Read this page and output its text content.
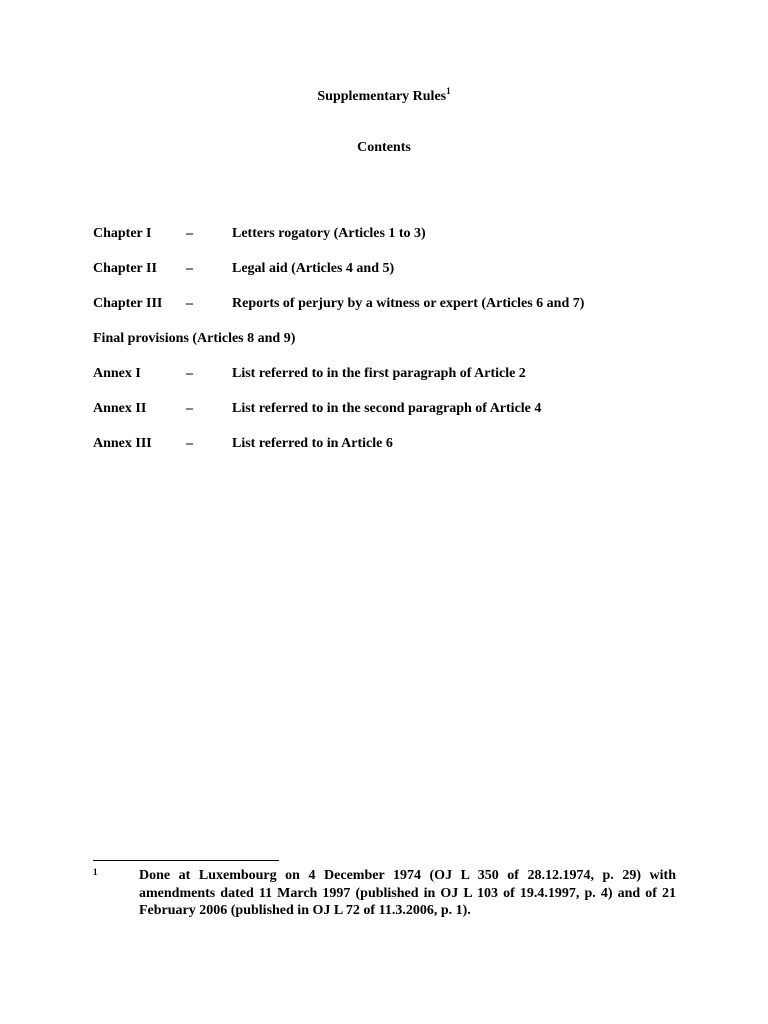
Supplementary Rules$^1$
Contents
Chapter I –	Letters rogatory (Articles 1 to 3)
Chapter II –	Legal aid (Articles 4 and 5)
Chapter III –	Reports of perjury by a witness or expert (Articles 6 and 7)
Final provisions (Articles 8 and 9)
Annex I	–	List referred to in the first paragraph of Article 2
Annex II	–	List referred to in the second paragraph of Article 4
Annex III –	List referred to in Article 6
1	Done at Luxembourg on 4 December 1974 (OJ L 350 of 28.12.1974, p. 29) with amendments dated 11 March 1997 (published in OJ L 103 of 19.4.1997, p. 4) and of 21 February 2006 (published in OJ L 72 of 11.3.2006, p. 1).
